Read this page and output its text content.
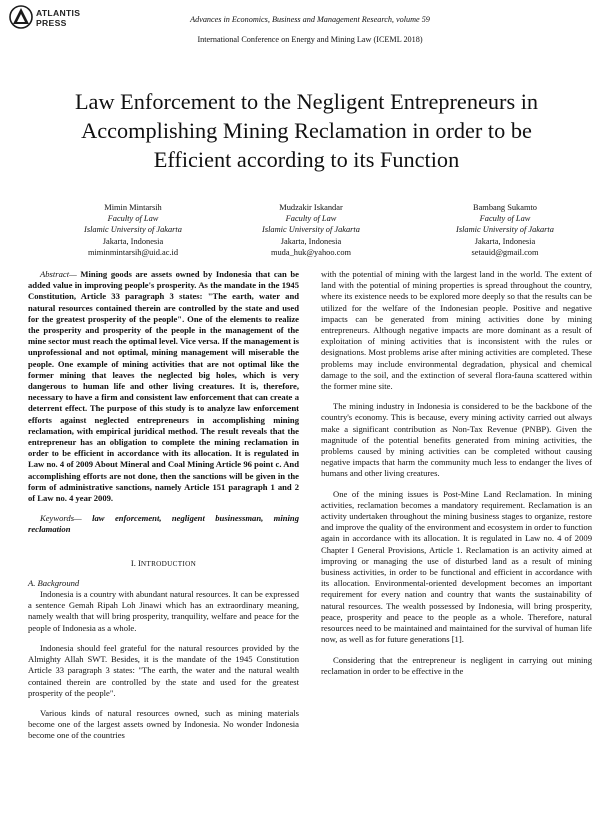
ATLANTIS
PRESS	Advances in Economics, Business and Management Research, volume 59
International Conference on Energy and Mining Law (ICEML 2018)
Law Enforcement to the Negligent Entrepreneurs in
Accomplishing Mining Reclamation in order to be
Efficient according to its Function
Mimin Mintarsih
Faculty of Law
Islamic University of Jakarta
Jakarta, Indonesia
miminmintarsih@uid.ac.id
Mudzakir Iskandar
Faculty of Law
Islamic University of Jakarta
Jakarta, Indonesia
muda_huk@yahoo.com
Bambang Sukamto
Faculty of Law
Islamic University of Jakarta
Jakarta, Indonesia
setauid@gmail.com

Abstract— Mining goods are assets owned by Indonesia that can be added value in improving people's prosperity. As the mandate in the 1945 Constitution, Article 33 paragraph 3 states: "The earth, water and natural resources contained therein are controlled by the state and used for the greatest prosperity of the people". One of the elements to realize the prosperity and prosperity of the people in the management of the mine sector must reach the optimal level. Vice versa. If the management is unprofessional and not optimal, mining management will miserable the people. One example of mining activities that are not optimal like the former mining that leaves the neglected big holes, which is very dangerous to human life and other living creatures. It is, therefore, necessary to have a firm and consistent law enforcement that can create a deterrent effect. The purpose of this study is to analyze law enforcement efforts against neglected entrepreneurs in accomplishing mining reclamation, with empirical juridical method. The result reveals that the entrepreneur has an obligation to complete the mining reclamation in order to be efficient in accordance with its allocation. It is regulated in Law no. 4 of 2009 About Mineral and Coal Mining Article 96 point c. And accomplishing efforts are not done, then the sanctions will be given in the form of administrative sanctions, namely Article 151 paragraph 1 and 2 of Law no. 4 year 2009.

Keywords— law enforcement, negligent businessman, mining reclamation

I. INTRODUCTION

A. Background

Indonesia is a country with abundant natural resources. It can be expressed a sentence Gemah Ripah Loh Jinawi which has an extraordinary meaning, namely wealth that will bring prosperity, tranquility, welfare and peace for the people of Indonesia as a whole.

Indonesia should feel grateful for the natural resources provided by the Almighty Allah SWT. Besides, it is the mandate of the 1945 Constitution Article 33 paragraph 3 states: "The earth, the water and the natural wealth contained therein are controlled by the state and used for the greatest prosperity of the people".

Various kinds of natural resources owned, such as mining materials become one of the largest assets owned by Indonesia. No wonder Indonesia become one of the countries

with the potential of mining with the largest land in the world. The extent of land with the potential of mining properties is spread throughout the country, where its existence needs to be explored more deeply so that the results can be utilized for the welfare of the Indonesian people. Positive and negative impacts can be generated from mining activities done by mining entrepreneurs. Although negative impacts are more dominant as a result of exploitation of mining activities that is inconsistent with the rules or designations. Most problems arise after mining activities are completed. These problems may include environmental degradation, physical and chemical damage to the soil, and the extinction of several flora-fauna scattered within the former mine site.

The mining industry in Indonesia is considered to be the backbone of the country's economy. This is because, every mining activity carried out always make a significant contribution as Non-Tax Revenue (PNBP). Given the magnitude of the potential benefits generated from mining activities, the problems caused by mining activities can be completed without causing negative impacts that harm the community much less to endanger the lives of humans and other living creatures.

One of the mining issues is Post-Mine Land Reclamation. In mining activities, reclamation becomes a mandatory requirement. Reclamation is an activity undertaken throughout the mining business stages to organize, restore and improve the quality of the environment and ecosystem in order to function again in accordance with its allocation. It is regulated in Law no. 4 of 2009 Chapter I General Provisions, Article 1. Reclamation is an activity aimed at improving or managing the use of disturbed land as a result of mining business activities, in order to be functional and efficient in accordance with its allocation. Environmental-oriented development becomes an important requirement for every nation and country that wants the sustainability of natural resources. The wealth possessed by Indonesia, will bring prosperity, peace, prosperity and peace to the people as a whole. Therefore, natural resources need to be maintained and maintained for the survival of human life now, as well as for future generations [1].

Considering that the entrepreneur is negligent in carrying out mining reclamation in order to be effective in the
